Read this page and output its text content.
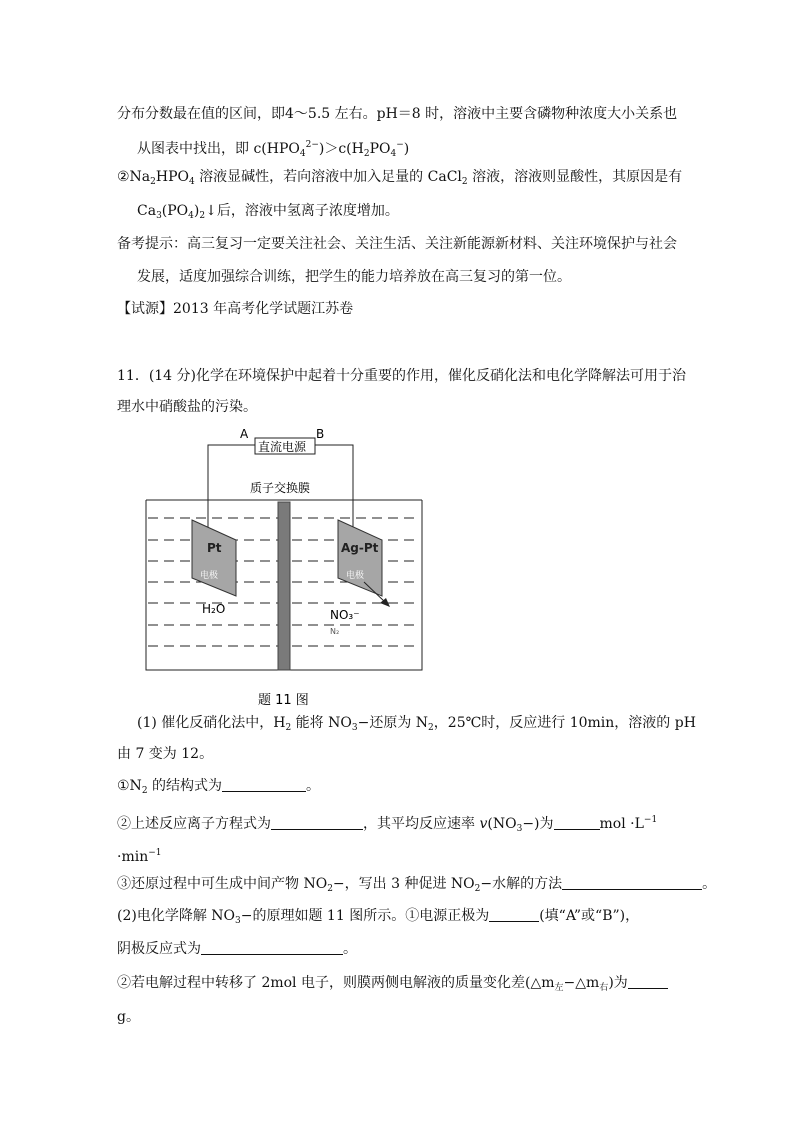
分布分数最在值的区间，即4～5.5 左右。pH＝8 时，溶液中主要含磷物种浓度大小关系也
从图表中找出，即 $c(HPO_4^{2-})>c(H_2PO_4^-)$
$②Na_2HPO_4$ 溶液显碱性，若向溶液中加入足量的 CaCl$_2$ 溶液，溶液则显酸性，其原因是有
$Ca_3(PO_4)_2↓$后，溶液中氢离子浓度增加。
备考提示：高三复习一定要关注社会、关注生活、关注新能源新材料、关注环境保护与社会
发展，适度加强综合训练，把学生的能力培养放在高三复习的第一位。
【试源】2013 年高考化学试题江苏卷
11．(14 分)化学在环境保护中起着十分重要的作用，催化反硝化法和电化学降解法可用于治
理水中硝酸盐的污染。
直流电源
A	B
质子交换膜
Pt
电极
H₂O
Ag-Pt
电极
NO₃⁻
N₂
题 11 图
(1) 催化反硝化法中，$H_2$ 能将 $NO_3-$还原为 $N_2$，25℃时，反应进行 10min，溶液的 pH
由 7 变为 12。
$①N_2$ 的结构式为	。
②上述反应离子方程式为	，其平均反应速率 $v(NO_3-)$为	mol $\cdot L^{-1}$
$\cdot\min^{-1}$
③还原过程中可生成中间产物 $NO_2-$，写出 3 种促进 $NO_2-$水解的方法	。
(2)电化学降解 $NO_3-$的原理如题 11 图所示。①电源正极为	(填“A”或“B”)，
阴极反应式为	。
②若电解过程中转移了 2mol 电子，则膜两侧电解液的质量变化差$(\triangle m_左-\triangle m_右)$为
g。
